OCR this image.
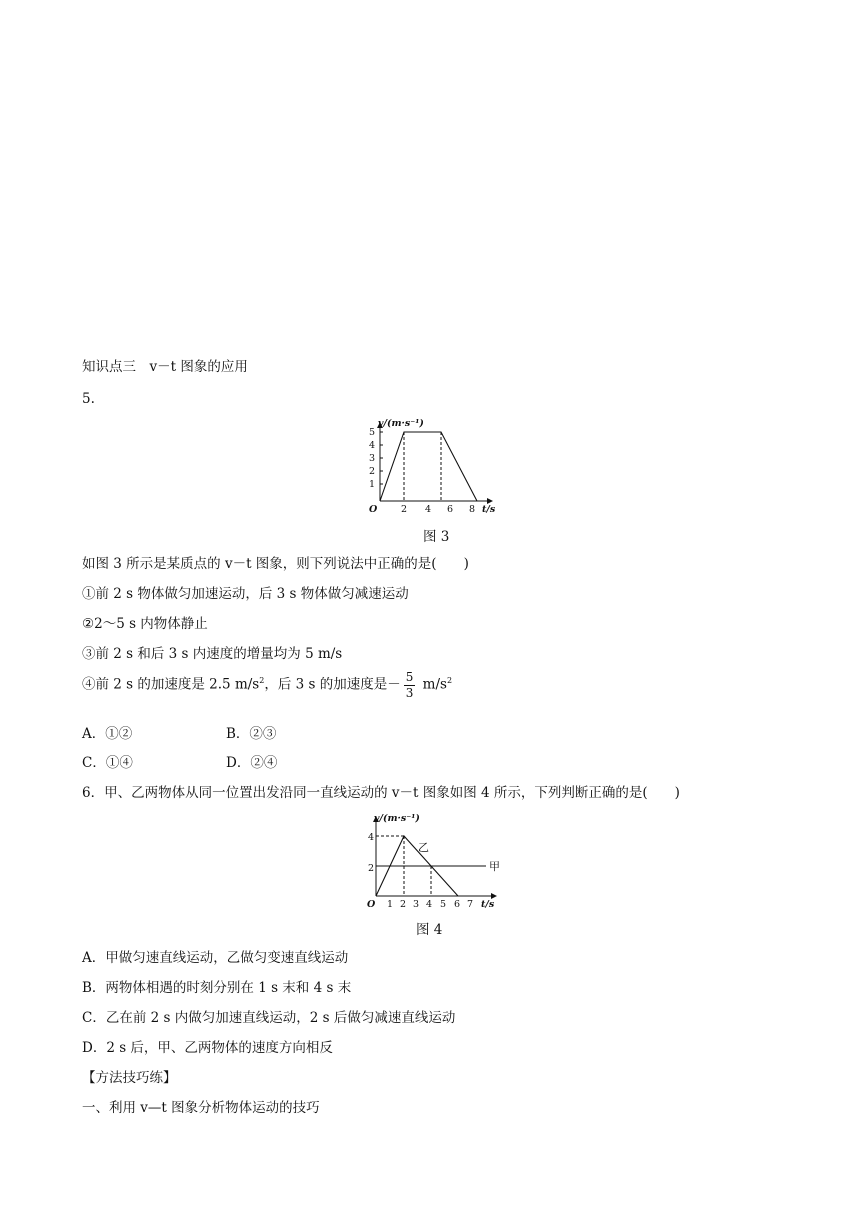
知识点三　v－t 图象的应用
5.
v/(m·s⁻¹)
t/s
O
5
4
3
2
1
2 4 6 8
图 3
如图 3 所示是某质点的 v－t 图象，则下列说法中正确的是(　　)
①前 2 s 物体做匀加速运动，后 3 s 物体做匀减速运动
②2～5 s 内物体静止
③前 2 s 和后 3 s 内速度的增量均为 5 m/s
④前 2 s 的加速度是 2.5 $m/s^2$，后 3 s 的加速度是－ $\frac{5}{3} m/s^2$
A．①②	B．②③
C．①④	D．②④
6．甲、乙两物体从同一位置出发沿同一直线运动的 v－t 图象如图 4 所示，下列判断正确的是(　　)
v/(m·s⁻¹)
t/s
O
4
2
1 2 3 4 5 6 7
乙
甲
图 4
A．甲做匀速直线运动，乙做匀变速直线运动
B．两物体相遇的时刻分别在 1 s 末和 4 s 末
C．乙在前 2 s 内做匀加速直线运动，2 s 后做匀减速直线运动
D．2 s 后，甲、乙两物体的速度方向相反
【方法技巧练】
一、利用 v—t 图象分析物体运动的技巧
